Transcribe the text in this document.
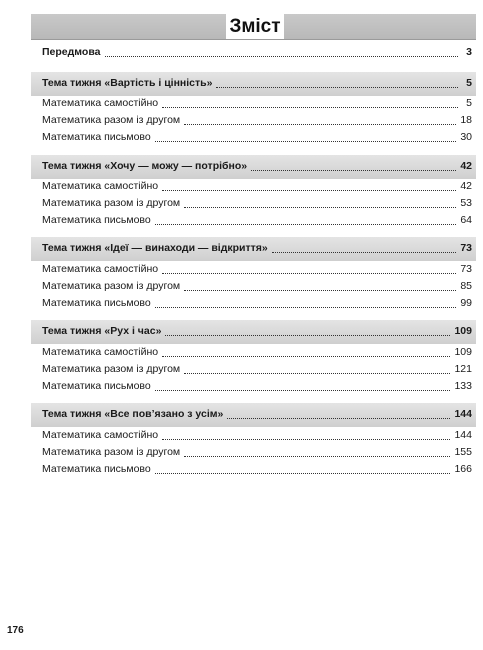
Зміст
Передмова	3
Тема тижня «Вартість і цінність»	5
Математика самостійно	5
Математика разом із другом	18
Математика письмово	30
Тема тижня «Хочу — можу — потрібно»	42
Математика самостійно	42
Математика разом із другом	53
Математика письмово	64
Тема тижня «Ідеї — винаходи — відкриття»	73
Математика самостійно	73
Математика разом із другом	85
Математика письмово	99
Тема тижня «Рух і час»	109
Математика самостійно	109
Математика разом із другом	121
Математика письмово	133
Тема тижня «Все пов’язано з усім»	144
Математика самостійно	144
Математика разом із другом	155
Математика письмово	166
176
